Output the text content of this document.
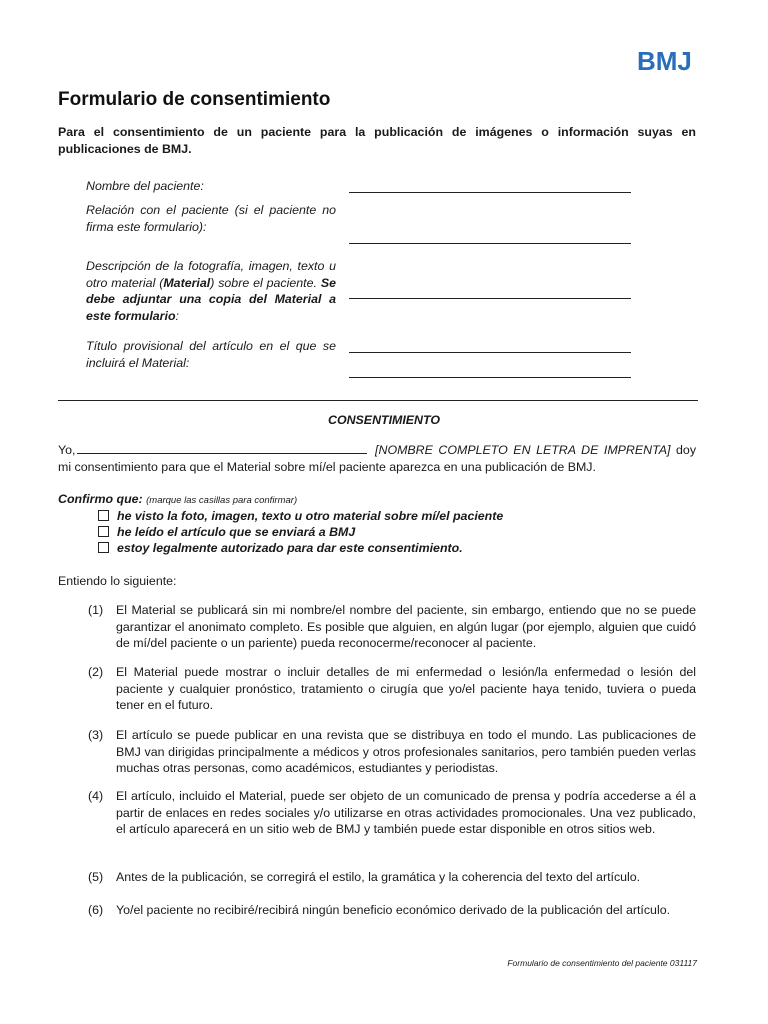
BMJ
Formulario de consentimiento

Para el consentimiento de un paciente para la publicación de imágenes o información suyas en publicaciones de BMJ.

Nombre del paciente:

Relación con el paciente (si el paciente no firma este formulario):

Descripción de la fotografía, imagen, texto u otro material (Material) sobre el paciente. Se debe adjuntar una copia del Material a este formulario:

Título provisional del artículo en el que se incluirá el Material:

CONSENTIMIENTO

Yo,	[NOMBRE COMPLETO EN LETRA DE IMPRENTA] doy mi consentimiento para que el Material sobre mí/el paciente aparezca en una publicación de BMJ.

Confirmo que: (marque las casillas para confirmar)

he visto la foto, imagen, texto u otro material sobre mí/el paciente

he leído el artículo que se enviará a BMJ

estoy legalmente autorizado para dar este consentimiento.

Entiendo lo siguiente:

(1)	El Material se publicará sin mi nombre/el nombre del paciente, sin embargo, entiendo que no se puede garantizar el anonimato completo. Es posible que alguien, en algún lugar (por ejemplo, alguien que cuidó de mí/del paciente o un pariente) pueda reconocerme/reconocer al paciente.

(2)	El Material puede mostrar o incluir detalles de mi enfermedad o lesión/la enfermedad o lesión del paciente y cualquier pronóstico, tratamiento o cirugía que yo/el paciente haya tenido, tuviera o pueda tener en el futuro.

(3)	El artículo se puede publicar en una revista que se distribuya en todo el mundo. Las publicaciones de BMJ van dirigidas principalmente a médicos y otros profesionales sanitarios, pero también pueden verlas muchas otras personas, como académicos, estudiantes y periodistas.

(4)	El artículo, incluido el Material, puede ser objeto de un comunicado de prensa y podría accederse a él a partir de enlaces en redes sociales y/o utilizarse en otras actividades promocionales. Una vez publicado, el artículo aparecerá en un sitio web de BMJ y también puede estar disponible en otros sitios web.

(5)	Antes de la publicación, se corregirá el estilo, la gramática y la coherencia del texto del artículo.

(6)	Yo/el paciente no recibiré/recibirá ningún beneficio económico derivado de la publicación del artículo.

Formulario de consentimiento del paciente 031117
